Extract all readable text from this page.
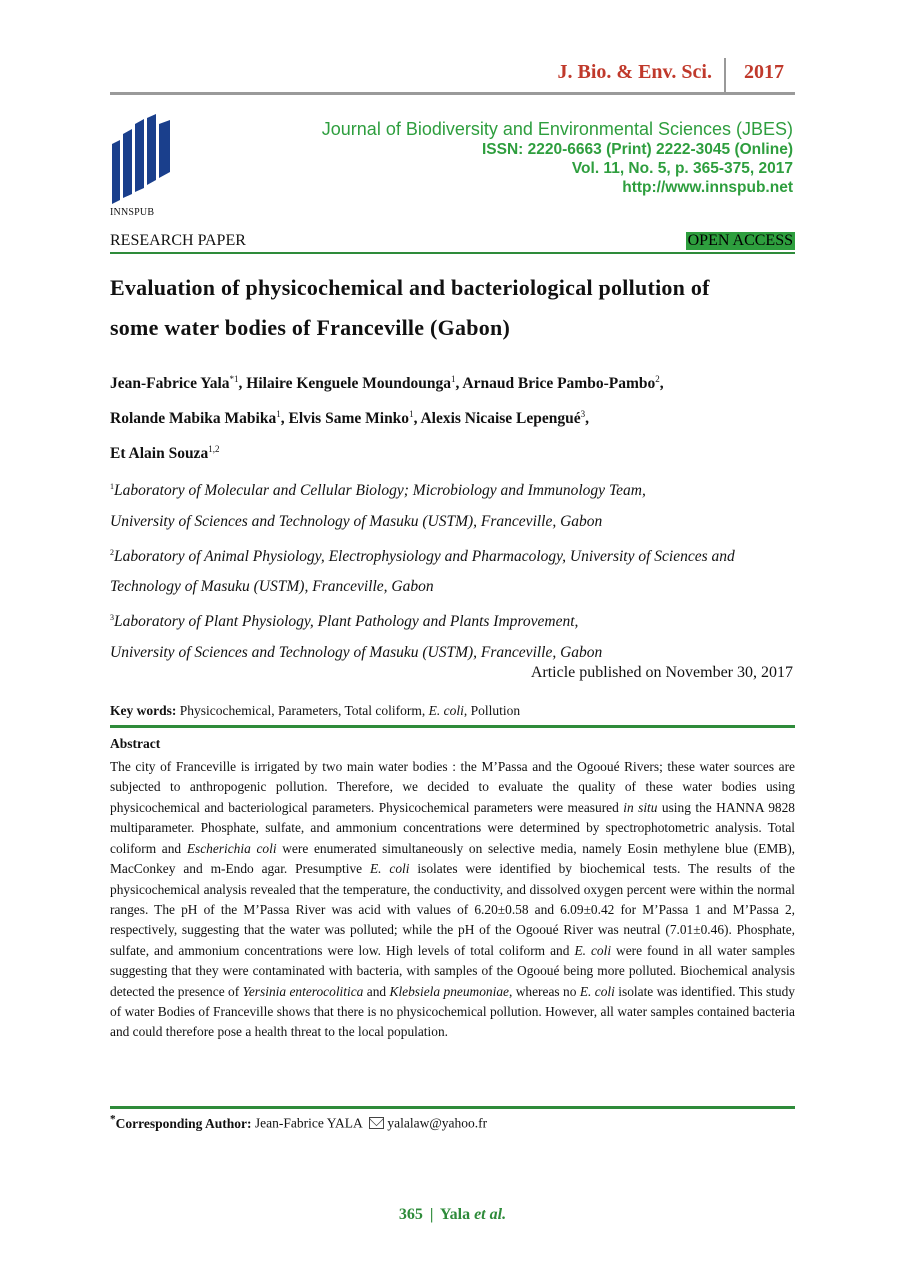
J. Bio. & Env. Sci. 2017
INNSPUB
Journal of Biodiversity and Environmental Sciences (JBES)
ISSN: 2220-6663 (Print) 2222-3045 (Online)
Vol. 11, No. 5, p. 365-375, 2017
http://www.innspub.net
RESEARCH PAPER	OPEN ACCESS
Evaluation of physicochemical and bacteriological pollution of
some water bodies of Franceville (Gabon)
Jean-Fabrice Yala$^{*1}$, Hilaire Kenguele Moundounga$^1$, Arnaud Brice Pambo-Pambo$^2$,
Rolande Mabika Mabika$^1$, Elvis Same Minko$^1$, Alexis Nicaise Lepengué$^3$,
Et Alain Souza$^{1,2}$
$^1$Laboratory of Molecular and Cellular Biology; Microbiology and Immunology Team,
University of Sciences and Technology of Masuku (USTM), Franceville, Gabon
$^2$Laboratory of Animal Physiology, Electrophysiology and Pharmacology, University of Sciences and
Technology of Masuku (USTM), Franceville, Gabon
$^3$Laboratory of Plant Physiology, Plant Pathology and Plants Improvement,
University of Sciences and Technology of Masuku (USTM), Franceville, Gabon
Article published on November 30, 2017
Key words: Physicochemical, Parameters, Total coliform, E. coli, Pollution
Abstract
The city of Franceville is irrigated by two main water bodies : the M’Passa and the Ogooué Rivers; these water sources are subjected to anthropogenic pollution. Therefore, we decided to evaluate the quality of these water bodies using physicochemical and bacteriological parameters. Physicochemical parameters were measured in situ using the HANNA 9828 multiparameter. Phosphate, sulfate, and ammonium concentrations were determined by spectrophotometric analysis. Total coliform and Escherichia coli were enumerated simultaneously on selective media, namely Eosin methylene blue (EMB), MacConkey and m-Endo agar. Presumptive E. coli isolates were identified by biochemical tests. The results of the physicochemical analysis revealed that the temperature, the conductivity, and dissolved oxygen percent were within the normal ranges. The pH of the M’Passa River was acid with values of 6.20±0.58 and 6.09±0.42 for M’Passa 1 and M’Passa 2, respectively, suggesting that the water was polluted; while the pH of the Ogooué River was neutral (7.01±0.46). Phosphate, sulfate, and ammonium concentrations were low. High levels of total coliform and E. coli were found in all water samples suggesting that they were contaminated with bacteria, with samples of the Ogooué being more polluted. Biochemical analysis detected the presence of Yersinia enterocolitica and Klebsiela pneumoniae, whereas no E. coli isolate was identified. This study of water Bodies of Franceville shows that there is no physicochemical pollution. However, all water samples contained bacteria and could therefore pose a health threat to the local population.
*Corresponding Author: Jean-Fabrice YALA yalalaw@yahoo.fr
365 | Yala et al.
